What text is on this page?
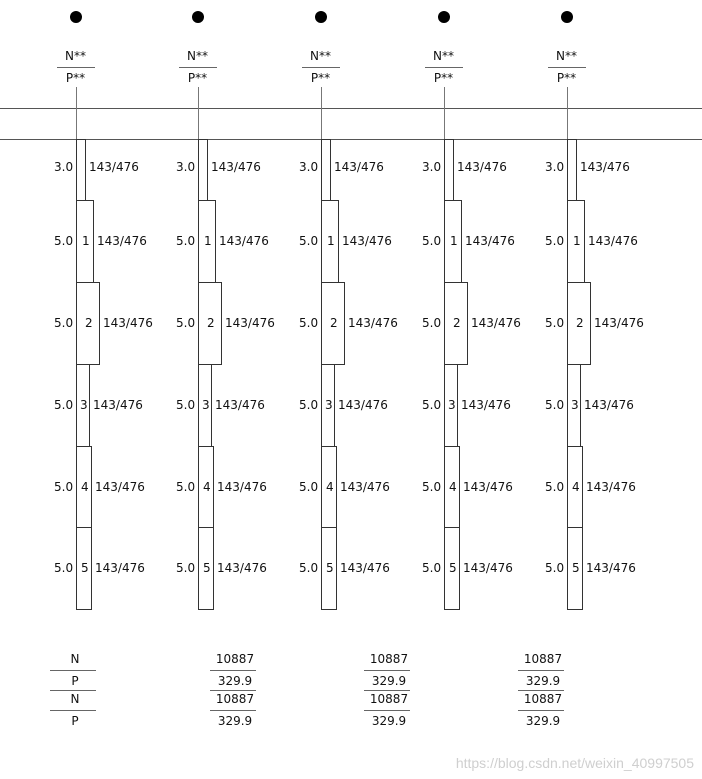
N**
P**
3.0 143/476
5.0 1 143/476
5.0 2 143/476
5.0 3 143/476
5.0 4 143/476
5.0 5 143/476
N**
P**
3.0 143/476
5.0 1 143/476
5.0 2 143/476
5.0 3 143/476
5.0 4 143/476
5.0 5 143/476
N**
P**
3.0 143/476
5.0 1 143/476
5.0 2 143/476
5.0 3 143/476
5.0 4 143/476
5.0 5 143/476
N**
P**
3.0 143/476
5.0 1 143/476
5.0 2 143/476
5.0 3 143/476
5.0 4 143/476
5.0 5 143/476
N**
P**
3.0 143/476
5.0 1 143/476
5.0 2 143/476
5.0 3 143/476
5.0 4 143/476
5.0 5 143/476
N
P
N
P
10887
329.9
10887
329.9
10887
329.9
10887
329.9
10887
329.9
10887
329.9
https://blog.csdn.net/weixin_40997505
